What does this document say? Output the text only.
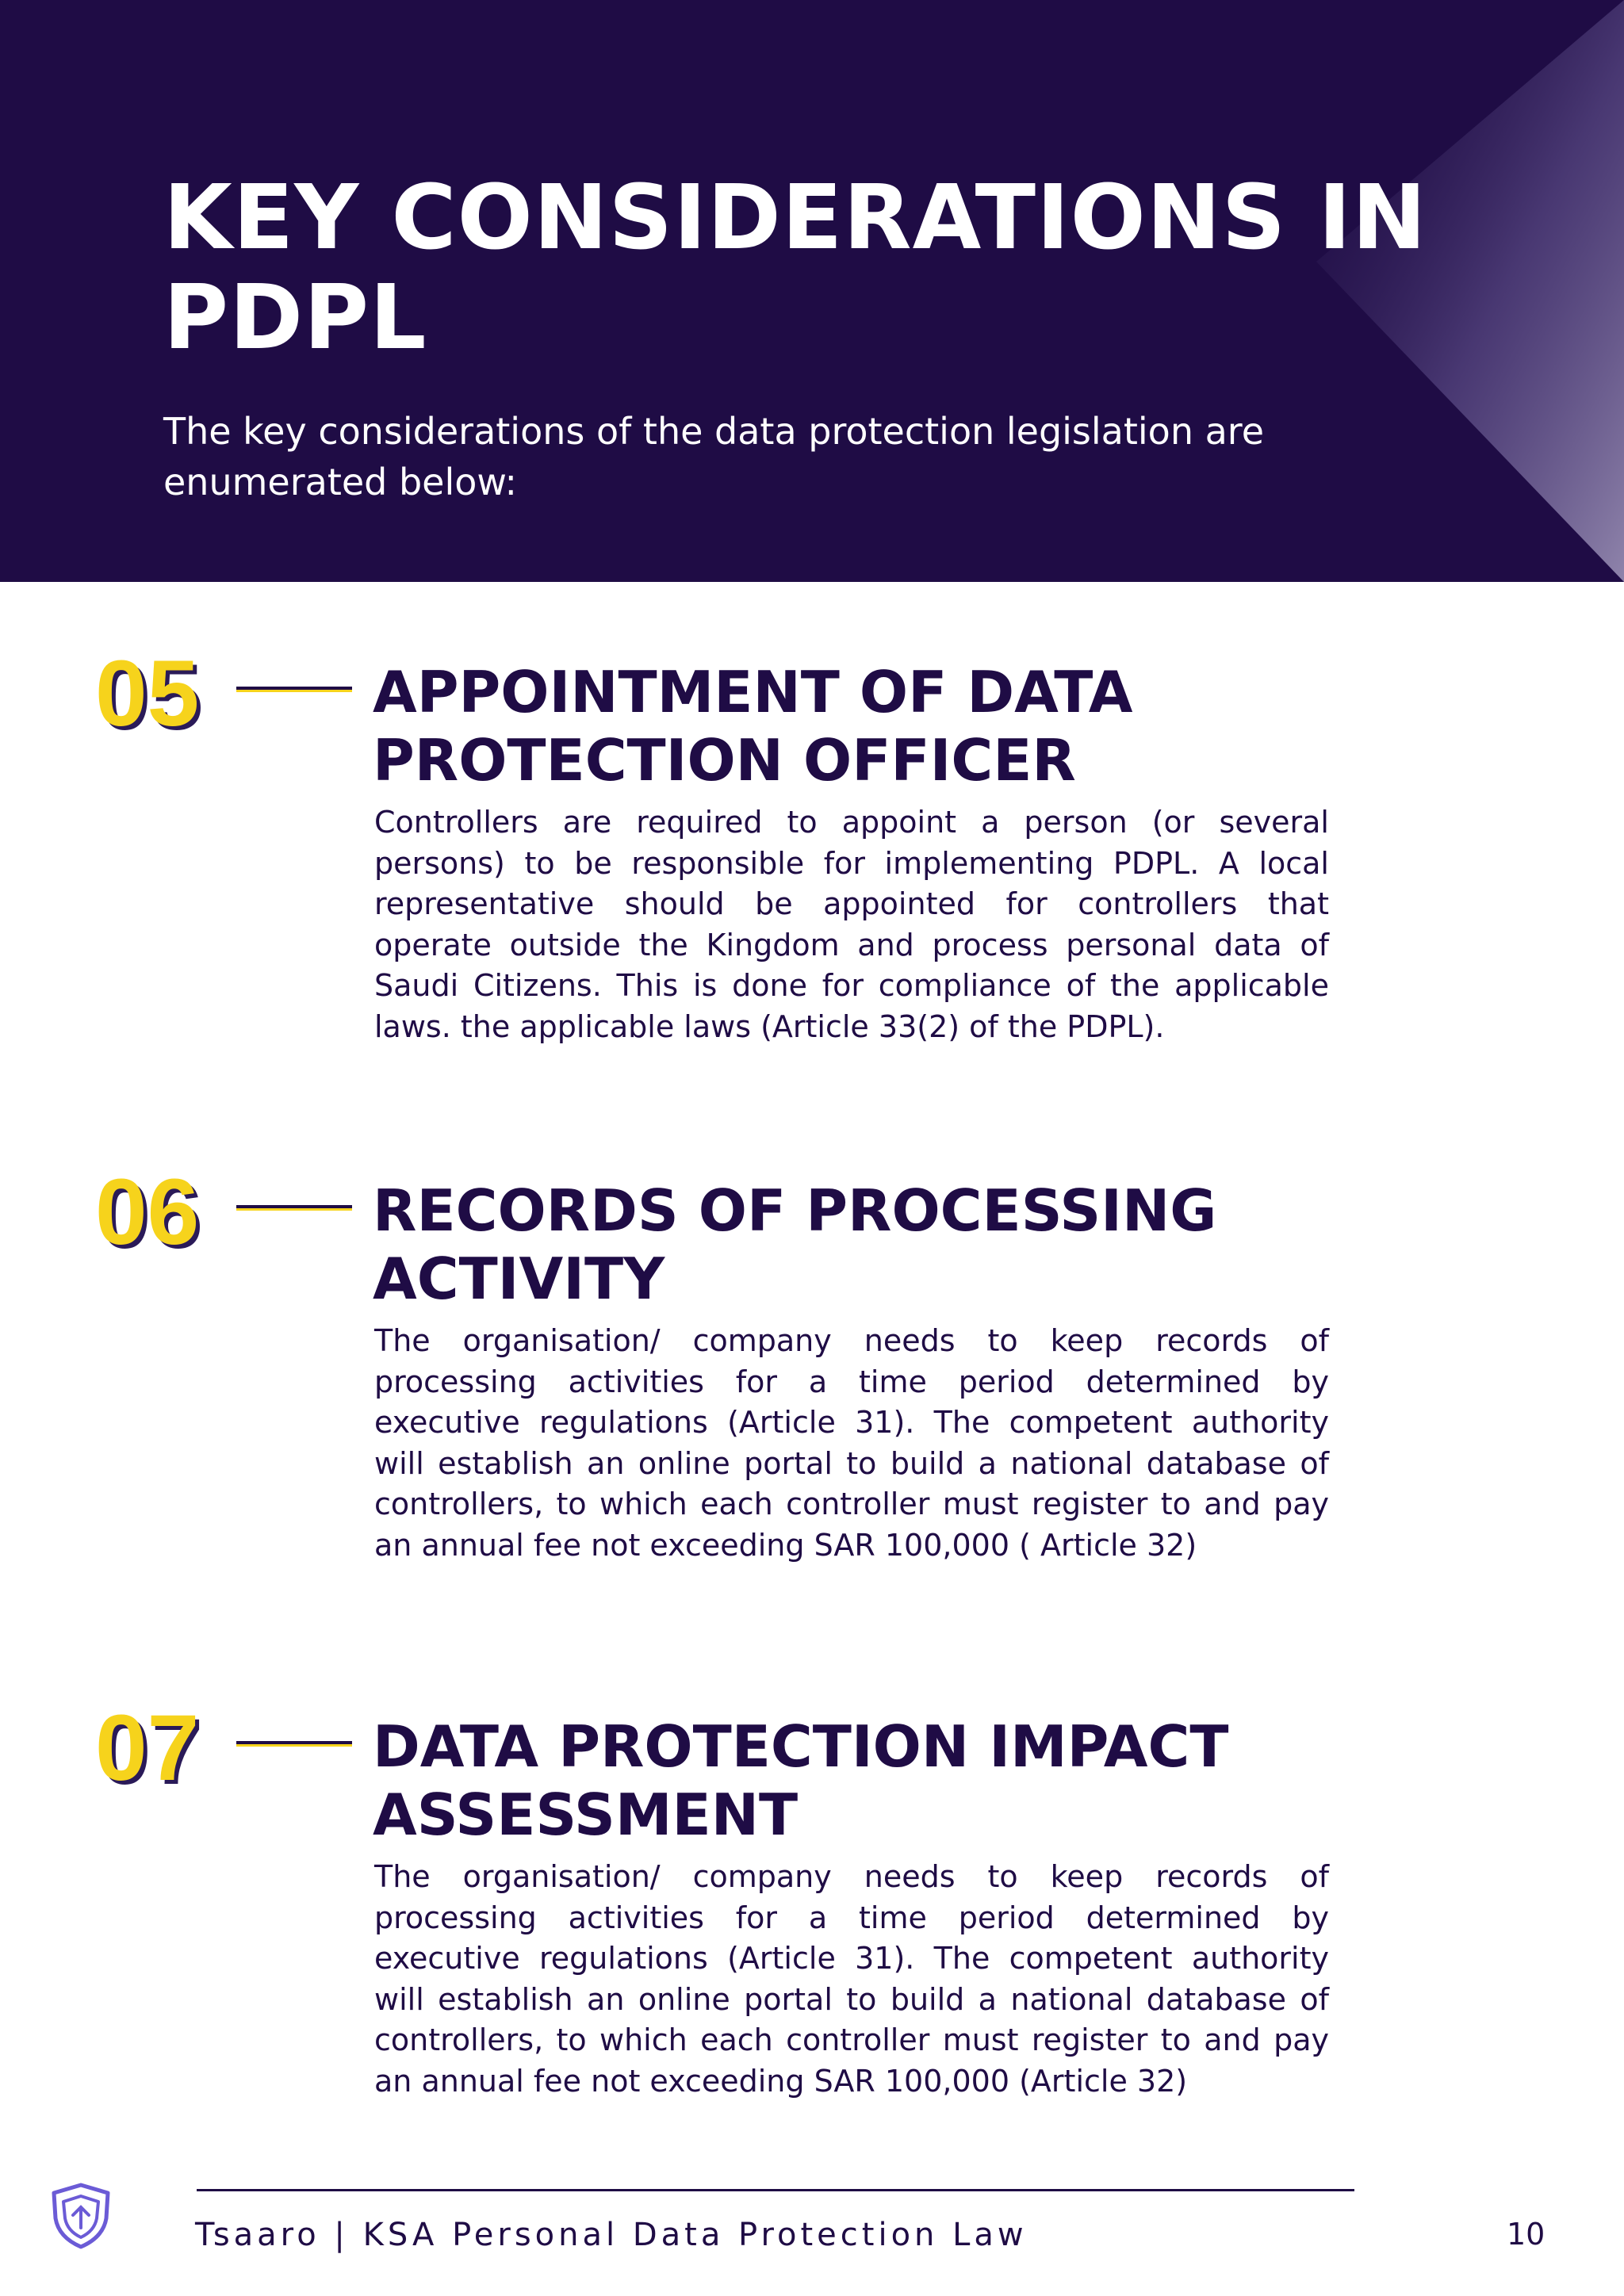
KEY CONSIDERATIONS IN PDPL

The key considerations of the data protection legislation are enumerated below:

05	APPOINTMENT OF DATA PROTECTION OFFICER

Controllers are required to appoint a person (or several persons) to be responsible for implementing PDPL. A local representative should be appointed for controllers that operate outside the Kingdom and process personal data of Saudi Citizens. This is done for compliance of the applicable laws. the applicable laws (Article 33(2) of the PDPL).

06	RECORDS OF PROCESSING ACTIVITY

The organisation/ company needs to keep records of processing activities for a time period determined by executive regulations (Article 31). The competent authority will establish an online portal to build a national database of controllers, to which each controller must register to and pay an annual fee not exceeding SAR 100,000 ( Article 32)

07	DATA PROTECTION IMPACT ASSESSMENT

The organisation/ company needs to keep records of processing activities for a time period determined by executive regulations (Article 31). The competent authority will establish an online portal to build a national database of controllers, to which each controller must register to and pay an annual fee not exceeding SAR 100,000 (Article 32)

Tsaaro | KSA Personal Data Protection Law	10
